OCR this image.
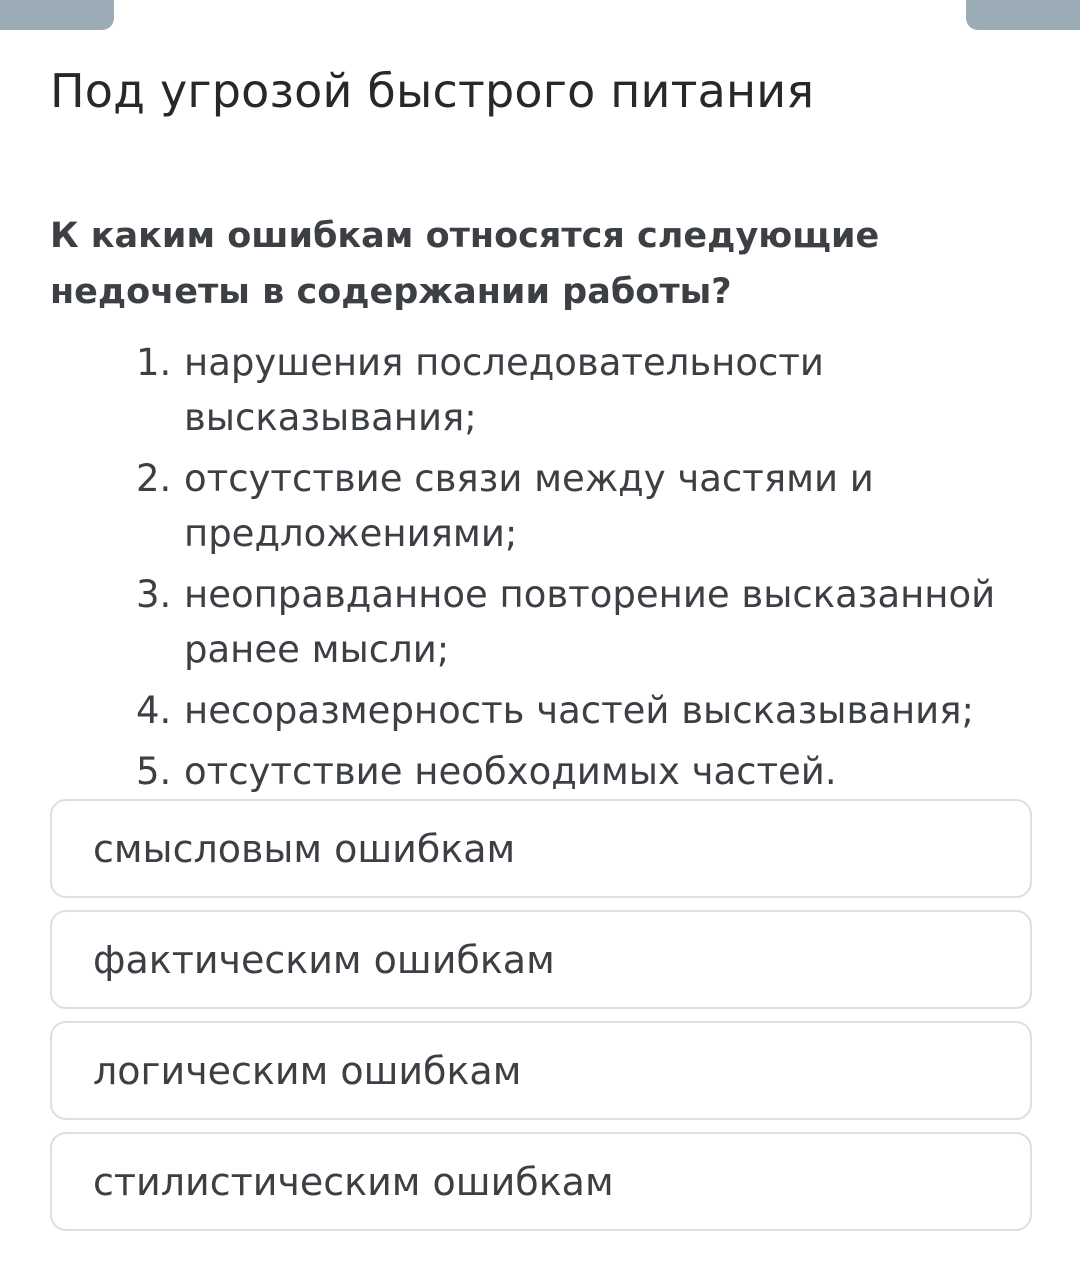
Под угрозой быстрого питания

К каким ошибкам относятся следующие недочеты в содержании работы?

1. нарушения последовательности высказывания;
2. отсутствие связи между частями и предложениями;
3. неоправданное повторение высказанной ранее мысли;
4. несоразмерность частей высказывания;
5. отсутствие необходимых частей.
смысловым ошибкам
фактическим ошибкам
логическим ошибкам
стилистическим ошибкам
